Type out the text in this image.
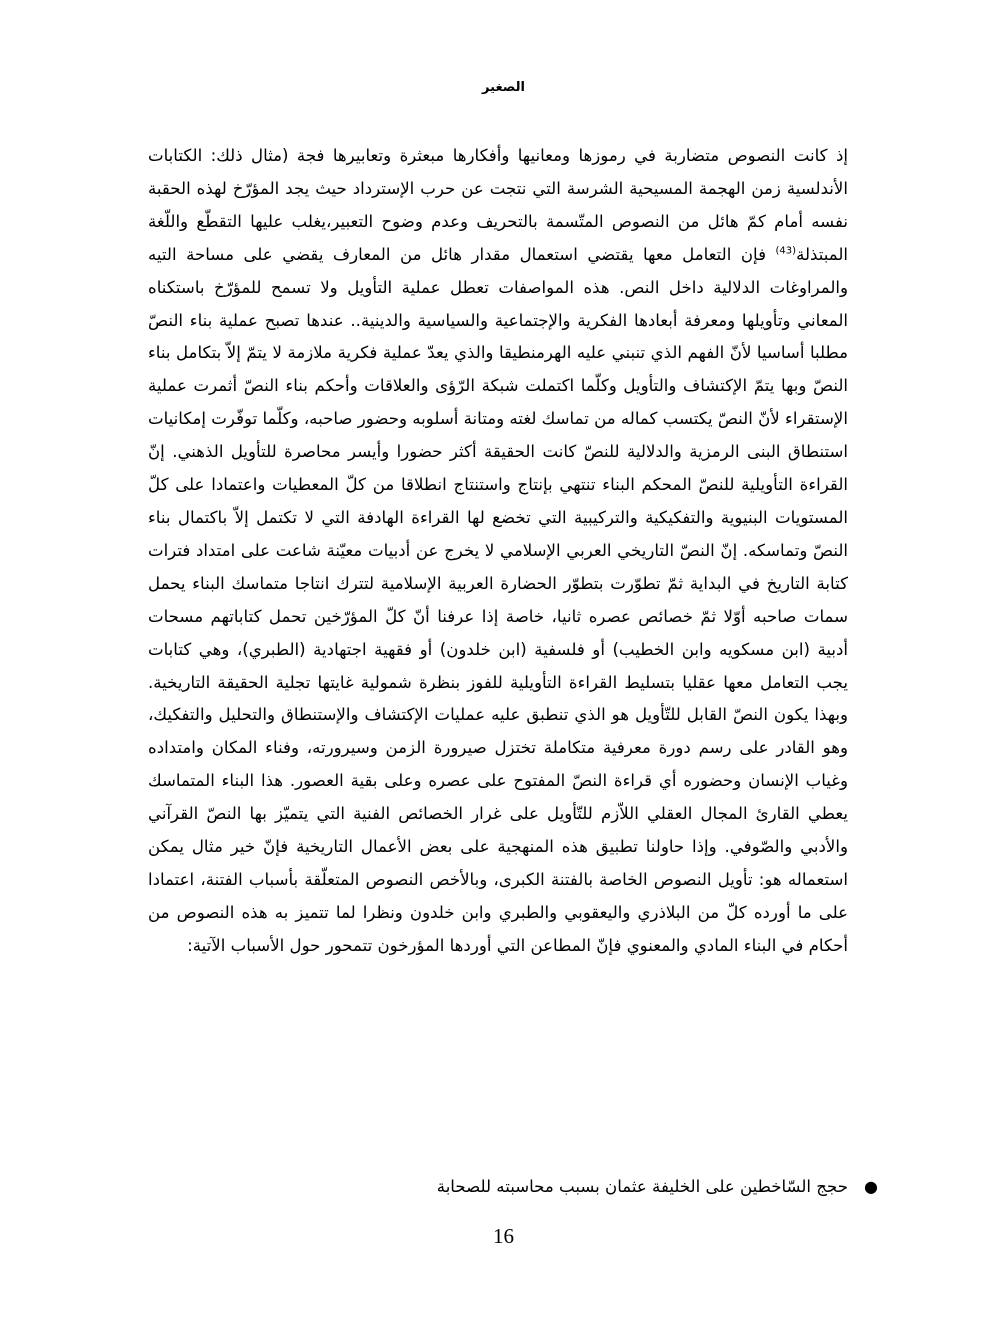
الصغير

إذ كانت النصوص متضاربة في رموزها ومعانيها وأفكارها مبعثرة وتعابيرها فجة (مثال ذلك: الكتابات الأندلسية زمن الهجمة المسيحية الشرسة التي نتجت عن حرب الإسترداد حيث يجد المؤرّخ لهذه الحقبة نفسه أمام كمّ هائل من النصوص المتّسمة بالتحريف وعدم وضوح التعبير،يغلب عليها التقطّع واللّغة المبتذلة$^{(43)}$ فإن التعامل معها يقتضي استعمال مقدار هائل من المعارف يقضي على مساحة التيه والمراوغات الدلالية داخل النص. هذه المواصفات تعطل عملية التأويل ولا تسمح للمؤرّخ باستكناه المعاني وتأويلها ومعرفة أبعادها الفكرية والإجتماعية والسياسية والدينية.. عندها تصبح عملية بناء النصّ مطلبا أساسيا لأنّ الفهم الذي تنبني عليه الهرمنطيقا والذي يعدّ عملية فكرية ملازمة لا يتمّ إلاّ بتكامل بناء النصّ وبها يتمّ الإكتشاف والتأويل وكلّما اكتملت شبكة الرّؤى والعلاقات وأحكم بناء النصّ أثمرت عملية الإستقراء لأنّ النصّ يكتسب كماله من تماسك لغته ومتانة أسلوبه وحضور صاحبه، وكلّما توفّرت إمكانيات استنطاق البنى الرمزية والدلالية للنصّ كانت الحقيقة أكثر حضورا وأيسر محاصرة للتأويل الذهني. إنّ القراءة التأويلية للنصّ المحكم البناء تنتهي بإنتاج واستنتاج انطلاقا من كلّ المعطيات واعتمادا على كلّ المستويات البنيوية والتفكيكية والتركيبية التي تخضع لها القراءة الهادفة التي لا تكتمل إلاّ باكتمال بناء النصّ وتماسكه. إنّ النصّ التاريخي العربي الإسلامي لا يخرج عن أدبيات معيّنة شاعت على امتداد فترات كتابة التاريخ في البداية ثمّ تطوّرت بتطوّر الحضارة العربية الإسلامية لتترك انتاجا متماسك البناء يحمل سمات صاحبه أوّلا ثمّ خصائص عصره ثانيا، خاصة إذا عرفنا أنّ كلّ المؤرّخين تحمل كتاباتهم مسحات أدبية (ابن مسكويه وابن الخطيب) أو فلسفية (ابن خلدون) أو فقهية اجتهادية (الطبري)، وهي كتابات يجب التعامل معها عقليا بتسليط القراءة التأويلية للفوز بنظرة شمولية غايتها تجلية الحقيقة التاريخية. وبهذا يكون النصّ القابل للتّأويل هو الذي تنطبق عليه عمليات الإكتشاف والإستنطاق والتحليل والتفكيك، وهو القادر على رسم دورة معرفية متكاملة تختزل صيرورة الزمن وسيرورته، وفناء المكان وامتداده وغياب الإنسان وحضوره أي قراءة النصّ المفتوح على عصره وعلى بقية العصور. هذا البناء المتماسك يعطي القارئ المجال العقلي اللاّزم للتّأويل على غرار الخصائص الفنية التي يتميّز بها النصّ القرآني والأدبي والصّوفي. وإذا حاولنا تطبيق هذه المنهجية على بعض الأعمال التاريخية فإنّ خير مثال يمكن استعماله هو: تأويل النصوص الخاصة بالفتنة الكبرى، وبالأخص النصوص المتعلّقة بأسباب الفتنة، اعتمادا على ما أورده كلّ من البلاذري واليعقوبي والطبري وابن خلدون ونظرا لما تتميز به هذه النصوص من أحكام في البناء المادي والمعنوي فإنّ المطاعن التي أوردها المؤرخون تتمحور حول الأسباب الآتية:

●
حجج السّاخطين على الخليفة عثمان بسبب محاسبته للصحابة
16
